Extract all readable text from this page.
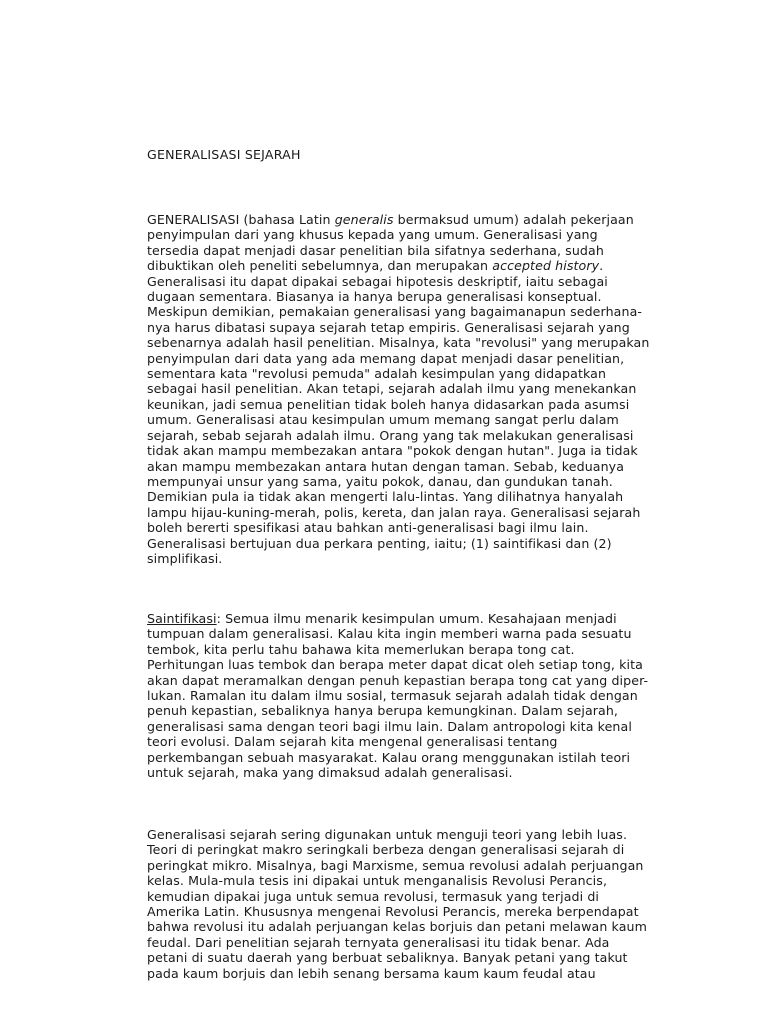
GENERALISASI SEJARAH

GENERALISASI (bahasa Latin generalis bermaksud umum) adalah pekerjaan
penyimpulan dari yang khusus kepada yang umum. Generalisasi yang
tersedia dapat menjadi dasar penelitian bila sifatnya sederhana, sudah
dibuktikan oleh peneliti sebelumnya, dan merupakan accepted history.
Generalisasi itu dapat dipakai sebagai hipotesis deskriptif, iaitu sebagai
dugaan sementara. Biasanya ia hanya berupa generalisasi konseptual.
Meskipun demikian, pemakaian generalisasi yang bagaimanapun sederhana-
nya harus dibatasi supaya sejarah tetap empiris. Generalisasi sejarah yang
sebenarnya adalah hasil penelitian. Misalnya, kata "revolusi" yang merupakan
penyimpulan dari data yang ada memang dapat menjadi dasar penelitian,
sementara kata "revolusi pemuda" adalah kesimpulan yang didapatkan
sebagai hasil penelitian. Akan tetapi, sejarah adalah ilmu yang menekankan
keunikan, jadi semua penelitian tidak boleh hanya didasarkan pada asumsi
umum. Generalisasi atau kesimpulan umum memang sangat perlu dalam
sejarah, sebab sejarah adalah ilmu. Orang yang tak melakukan generalisasi
tidak akan mampu membezakan antara "pokok dengan hutan". Juga ia tidak
akan mampu membezakan antara hutan dengan taman. Sebab, keduanya
mempunyai unsur yang sama, yaitu pokok, danau, dan gundukan tanah.
Demikian pula ia tidak akan mengerti lalu-lintas. Yang dilihatnya hanyalah
lampu hijau-kuning-merah, polis, kereta, dan jalan raya. Generalisasi sejarah
boleh bererti spesifikasi atau bahkan anti-generalisasi bagi ilmu lain.
Generalisasi bertujuan dua perkara penting, iaitu; (1) saintifikasi dan (2)
simplifikasi.

Saintifikasi: Semua ilmu menarik kesimpulan umum. Kesahajaan menjadi
tumpuan dalam generalisasi. Kalau kita ingin memberi warna pada sesuatu
tembok, kita perlu tahu bahawa kita memerlukan berapa tong cat.
Perhitungan luas tembok dan berapa meter dapat dicat oleh setiap tong, kita
akan dapat meramalkan dengan penuh kepastian berapa tong cat yang diper-
lukan. Ramalan itu dalam ilmu sosial, termasuk sejarah adalah tidak dengan
penuh kepastian, sebaliknya hanya berupa kemungkinan. Dalam sejarah,
generalisasi sama dengan teori bagi ilmu lain. Dalam antropologi kita kenal
teori evolusi. Dalam sejarah kita mengenal generalisasi tentang
perkembangan sebuah masyarakat. Kalau orang menggunakan istilah teori
untuk sejarah, maka yang dimaksud adalah generalisasi.

Generalisasi sejarah sering digunakan untuk menguji teori yang lebih luas.
Teori di peringkat makro seringkali berbeza dengan generalisasi sejarah di
peringkat mikro. Misalnya, bagi Marxisme, semua revolusi adalah perjuangan
kelas. Mula-mula tesis ini dipakai untuk menganalisis Revolusi Perancis,
kemudian dipakai juga untuk semua revolusi, termasuk yang terjadi di
Amerika Latin. Khususnya mengenai Revolusi Perancis, mereka berpendapat
bahwa revolusi itu adalah perjuangan kelas borjuis dan petani melawan kaum
feudal. Dari penelitian sejarah ternyata generalisasi itu tidak benar. Ada
petani di suatu daerah yang berbuat sebaliknya. Banyak petani yang takut
pada kaum borjuis dan lebih senang bersama kaum kaum feudal atau
